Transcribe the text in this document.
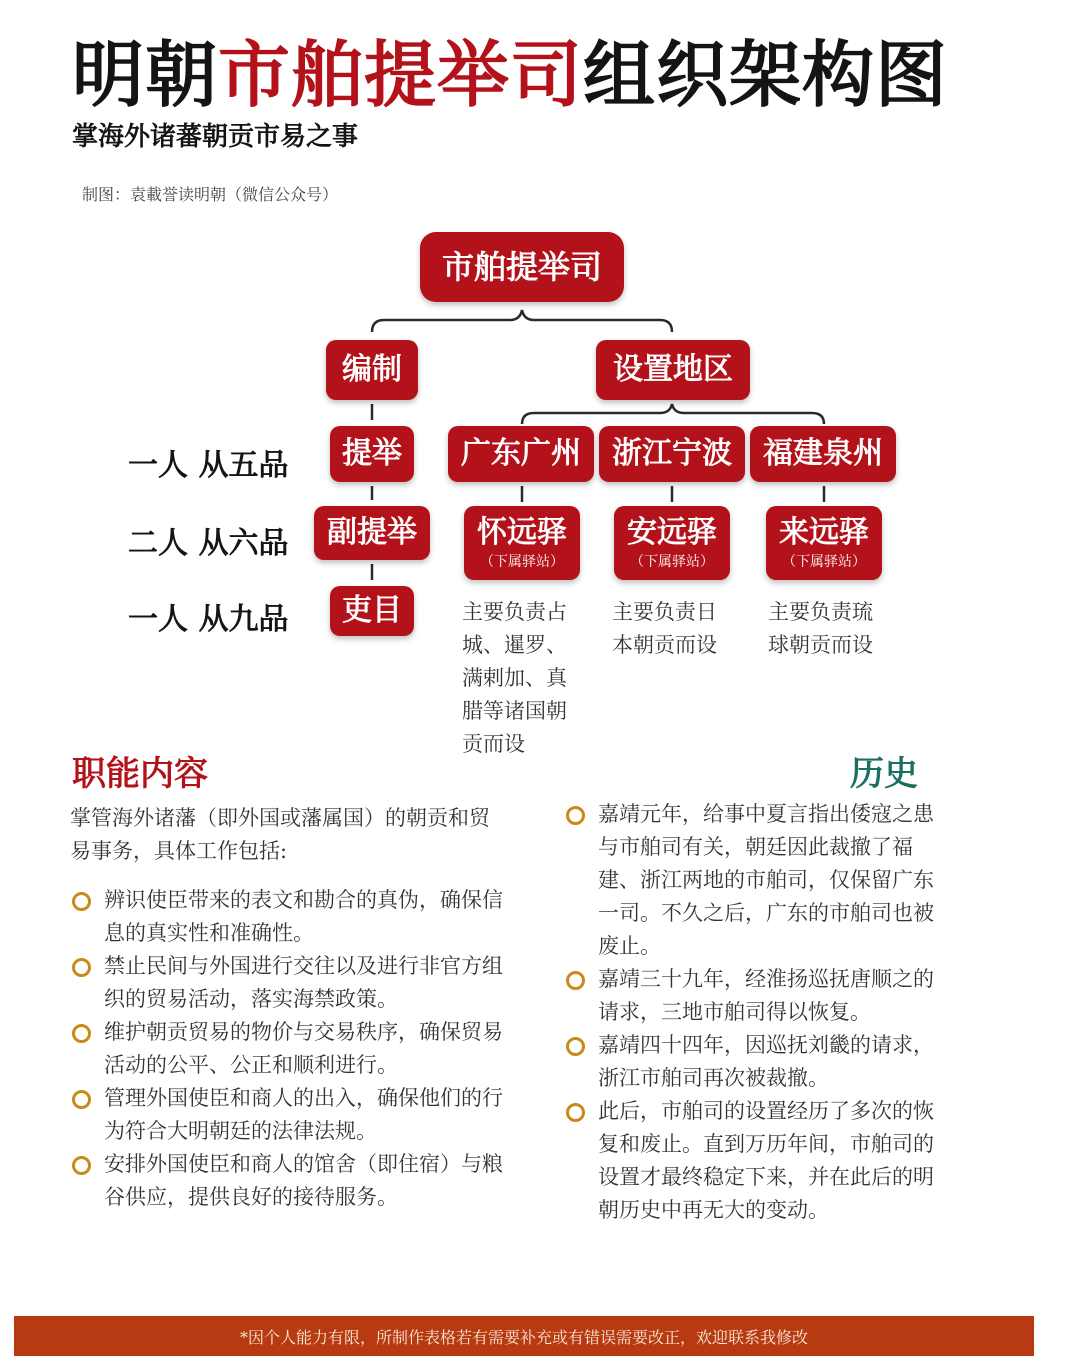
明朝市舶提举司组织架构图
掌海外诸蕃朝贡市易之事
制图：袁載誉读明朝（微信公众号）
市舶提举司
编制	设置地区
一人 从五品
二人 从六品
一人 从九品
提举
副提举
吏目
广东广州 浙江宁波 福建泉州
怀远驿
（下属驿站）
安远驿
（下属驿站）
来远驿
（下属驿站）
主要负责占城、暹罗、满剌加、真腊等诸国朝贡而设
主要负责日本朝贡而设
主要负责琉球朝贡而设
职能内容
掌管海外诸藩（即外国或藩属国）的朝贡和贸易事务，具体工作包括:
辨识使臣带来的表文和勘合的真伪，确保信息的真实性和准确性。
禁止民间与外国进行交往以及进行非官方组织的贸易活动，落实海禁政策。
维护朝贡贸易的物价与交易秩序，确保贸易活动的公平、公正和顺利进行。
管理外国使臣和商人的出入，确保他们的行为符合大明朝廷的法律法规。
安排外国使臣和商人的馆舍（即住宿）与粮谷供应，提供良好的接待服务。
历史
嘉靖元年，给事中夏言指出倭寇之患与市舶司有关，朝廷因此裁撤了福建、浙江两地的市舶司，仅保留广东一司。不久之后，广东的市舶司也被废止。
嘉靖三十九年，经淮扬巡抚唐顺之的请求，三地市舶司得以恢复。
嘉靖四十四年，因巡抚刘畿的请求，浙江市舶司再次被裁撤。
此后，市舶司的设置经历了多次的恢复和废止。直到万历年间，市舶司的设置才最终稳定下来，并在此后的明朝历史中再无大的变动。
*因个人能力有限，所制作表格若有需要补充或有错误需要改正，欢迎联系我修改
